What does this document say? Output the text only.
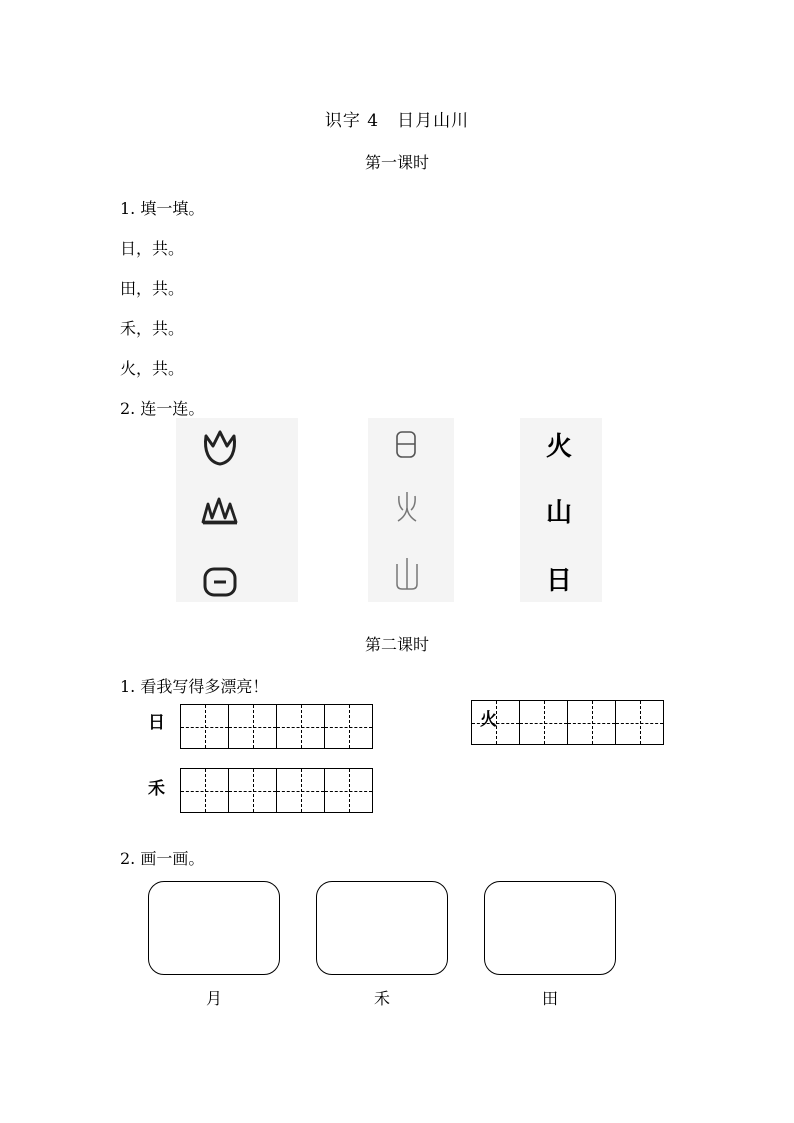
识字 4 日月山川
第一课时
1. 填一填。
日，共。
田，共。
禾，共。
火，共。
2. 连一连。
火
山
日
第二课时
1. 看我写得多漂亮！
日	火
禾
2. 画一画。
月	禾	田
